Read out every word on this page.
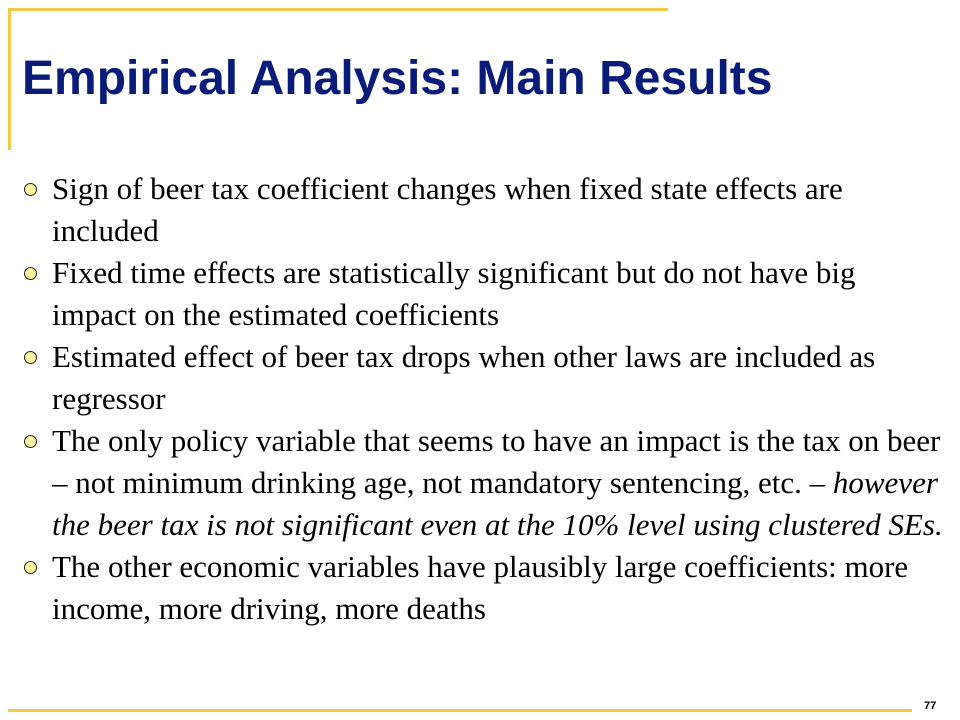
Empirical Analysis: Main Results
Sign of beer tax coefficient changes when fixed state effects are included
Fixed time effects are statistically significant but do not have big impact on the estimated coefficients
Estimated effect of beer tax drops when other laws are included as regressor
The only policy variable that seems to have an impact is the tax on beer – not minimum drinking age, not mandatory sentencing, etc. – however the beer tax is not significant even at the 10% level using clustered SEs.
The other economic variables have plausibly large coefficients: more income, more driving, more deaths
77
